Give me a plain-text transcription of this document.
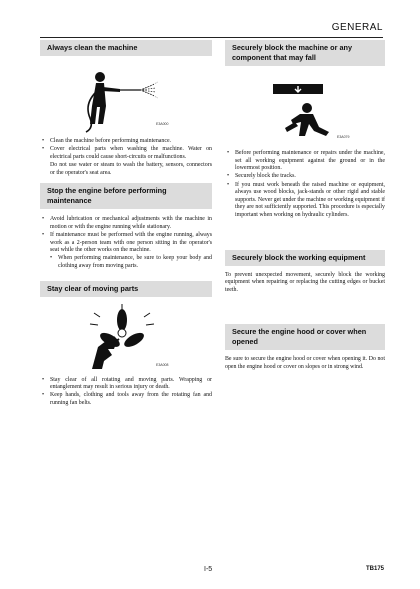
GENERAL
Always clean the machine
E3A000
• Clean the machine before performing maintenance.
• Cover electrical parts when washing the machine. Water on electrical parts could cause short-circuits or malfunctions.
Do not use water or steam to wash the battery, sensors, connectors or the operator's seat area.
Stop the engine before performing maintenance
• Avoid lubrication or mechanical adjustments with the machine in motion or with the engine running while stationary.
• If maintenance must be performed with the engine running, always work as a 2-person team with one person sitting in the operator's seat while the other works on the machine.
• When performing maintenance, be sure to keep your body and clothing away from moving parts.
Stay clear of moving parts
E3A008
• Stay clear of all rotating and moving parts. Wrapping or entanglement may result in serious injury or death.
• Keep hands, clothing and tools away from the rotating fan and running fan belts.
Securely block the machine or any component that may fall
E3A079
• Before performing maintenance or repairs under the machine, set all working equipment against the ground or in the lowermost position.
• Securely block the tracks.
• If you must work beneath the raised machine or equipment, always use wood blocks, jack-stands or other rigid and stable supports. Never get under the machine or working equipment if they are not sufficiently supported. This procedure is especially important when working on hydraulic cylinders.
Securely block the working equipment

To prevent unexpected movement, securely block the working equipment when repairing or replacing the cutting edges or bucket teeth.

Secure the engine hood or cover when opened

Be sure to secure the engine hood or cover when opening it. Do not open the engine hood or cover on slopes or in strong wind.

I-5	TB175
